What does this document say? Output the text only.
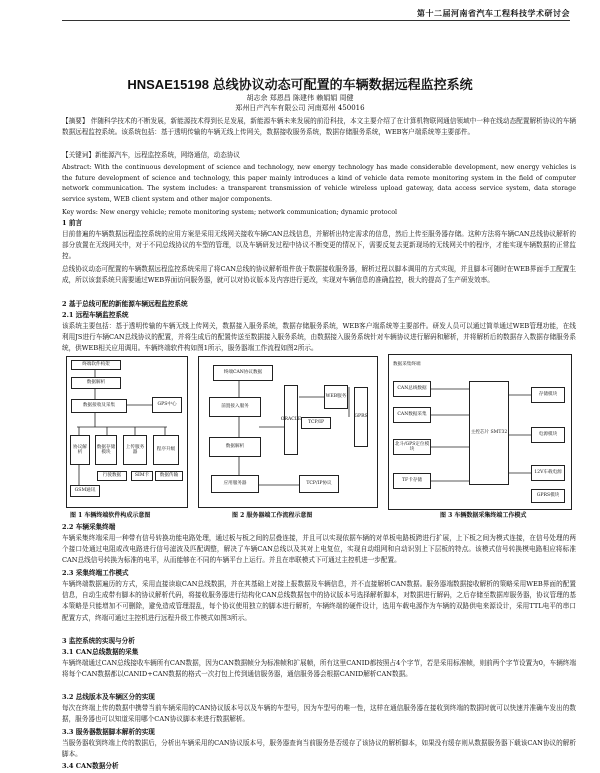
第十二届河南省汽车工程科技学术研讨会
HNSAE15198 总线协议动态可配置的车辆数据远程监控系统
胡志余 郑恩昌 陈建伟 赖娟娟 周健
郑州日产汽车有限公司 河南郑州 450016
【摘要】 伴随科学技术的不断发展，新能源技术得到长足发展，新能源车辆未来发展的前沿科技，本文主要介绍了在计算机物联网通信领域中一种在线动态配置解析协议的车辆数据远程监控系统。该系统包括：基于透明传输的车辆无线上传网关，数据接收服务系统，数据存储服务系统，WEB客户端系统等主要部件。
【关键词】新能源汽车，远程监控系统，网络通信，动态协议
Abstract: With the continuous development of science and technology, new energy technology has made considerable development, new energy vehicles is the future development of science and technology, this paper mainly introduces a kind of vehicle data remote monitoring system in the field of computer network communication. The system includes: a transparent transmission of vehicle wireless upload gateway, data access service system, data storage service system, WEB client system and other major components.
Key words: New energy vehicle; remote monitoring system; network communication; dynamic protocol
1 前言
目前普遍的车辆数据远程监控系统的应用方案是采用无线网关接收车辆CAN总线信息，并解析出特定需求的信息，然后上传至服务器存储。这种方法将车辆CAN总线协议解析的部分放置在无线网关中，对于不同总线协议的车型的管理，以及车辆研发过程中协议不断变更的情况下，需要反复去更新现场的无线网关中的程序，才能实现车辆数据的正常监控。
总线协议动态可配置的车辆数据远程监控系统采用了将CAN总线的协议解析组件放于数据接收服务器，解析过程以脚本调用的方式实现，并且脚本可随时在WEB界面手工配置生成，所以该套系统只需要通过WEB界面访问服务器，就可以对协议版本及内容进行更改，实现对车辆信息的准确监控，极大的提高了生产研发效率。
2 基于总线可配的新能源车辆远程监控系统
2.1 远程车辆监控系统
该系统主要包括：基于透明传输的车辆无线上传网关，数据接入服务系统，数据存储服务系统，WEB客户端系统等主要部件。研发人员可以通过简单通过WEB管理功能，在线利用JS进行车辆CAN总线协议的配置，并将生成后的配置传送至数据接入服务系统，由数据接入服务系统针对车辆协议进行解码和解析，并将解析后的数据存入数据存储服务系统，供WEB相关应用调用。车辆终端软件构如图1所示，服务器端工作流程如图2所示。
终端软件构架
数据解析
数据接收及采集	GPS中心
协议解析
数据存储模块
上传服务器
程序升级
行驶数据	SIM卡	数据传输
GSM通讯
图 1 车辆终端软件构成示意图
终端CAN协议数据
前置接入服务
ORACLE
数据解析
TCP/IP
WEB服务
GPRS
应用服务器	TCP/IP协议
图 2 服务器端工作流程示意图
数据采集终端
CAN总线数据
CAN数据采集
北斗/GPS定位模块
存储模块
电源模块
主控芯片 SMT32
12V车载电源
TF卡存储
GPRS模块
图 3 车辆数据采集终端工作模式
2.2 车辆采集终端
车辆采集终端采用一种带有信号转换功能电路处理，通过板与板之间的层叠连接，并且可以实现依据车辆的对单板电路板跨进行扩展，上下板之间为模式连接，在信号处理的两个接口处通过电阻或改电路进行信号滤波及匹配调整，解决了车辆CAN总线以及其对上电复位，实现自动组网和自动识别上下层板的特点。该模式信号转换模电路相应将标准CAN总线信号转换为标准的电平，从而能够在不同的车辆平台上运行。并且在串联模式下可通过主控机进一步配置。
2.3 采集终端工作模式
车辆终端数据遍历的方式，采用直接读取CAN总线数据，并在其基础上对接上报数据及车辆信息，并不直接解析CAN数据。服务器端数据接收解析的策略采用WEB界面的配置信息，自动生成带有脚本的协议解析代码，将接收服务器进行结构化CAN总线数据包中的协议版本号选择解析脚本，对数据进行解码，之后存储至数据库服务器，协议管理的基本策略是只能增加不可删除，避免造成管理混乱，每个协议使用独立的脚本进行解析，车辆终端的硬件设计，选用车载电源作为车辆的双路供电来源设计，采用TTL电平的串口配置方式，终端可通过主控机进行远程升级工作模式如图3所示。
3 监控系统的实现与分析
3.1 CAN总线数据的采集
车辆终端通过CAN总线接收车辆所有CAN数据，因为CAN数据帧分为标准帧和扩展帧，所有这里CANID都按照占4个字节，若是采用标准帧，则前两个字节设置为0，车辆终端将每个CAN数据都以CANID+CAN数据的格式一次打包上传到通信服务器，通信服务器会根据CANID解析CAN数据。
3.2 总线版本及车辆区分的实现
每次在终端上传的数据中携带当前车辆采用的CAN协议版本号以及车辆的车型号，因为车型号的唯一性，这样在通信服务器在接收到终端的数据时就可以快速并准确车发出的数据，服务器也可以知道采用哪个CAN协议脚本来进行数据解析。
3.3 服务器数据脚本解析的实现
当服务器收到终端上传的数据后，分析出车辆采用的CAN协议版本号，服务器查询当前服务是否缓存了该协议的解析脚本，如果没有缓存则从数据服务器下载该CAN协议的解析脚本。
3.4 CAN数据分析
